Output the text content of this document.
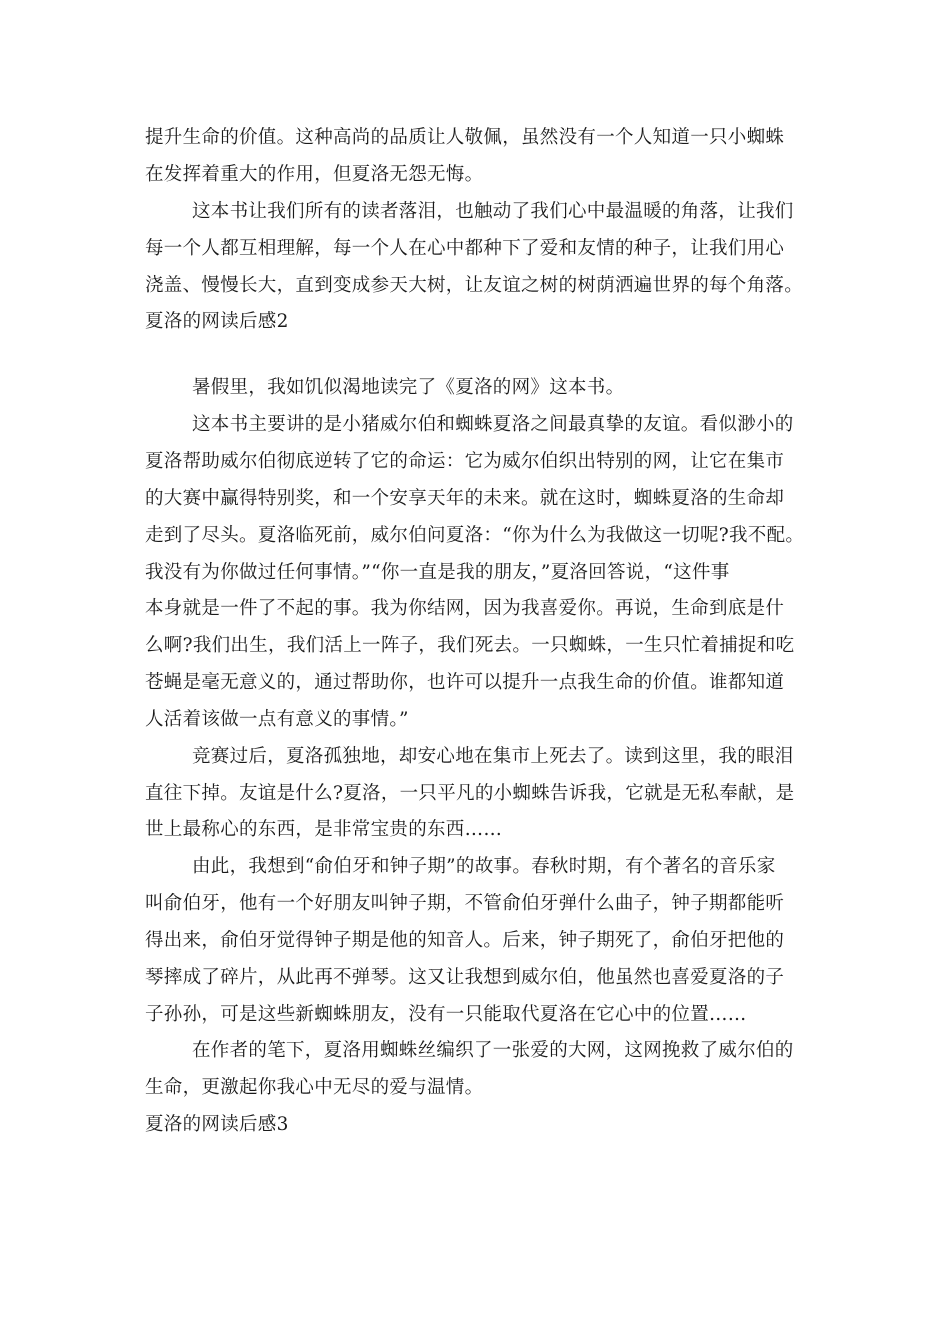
提升生命的价值。这种高尚的品质让人敬佩，虽然没有一个人知道一只小蜘蛛
在发挥着重大的作用，但夏洛无怨无悔。
这本书让我们所有的读者落泪，也触动了我们心中最温暖的角落，让我们
每一个人都互相理解，每一个人在心中都种下了爱和友情的种子，让我们用心
浇盖、慢慢长大，直到变成参天大树，让友谊之树的树荫洒遍世界的每个角落。
夏洛的网读后感2
暑假里，我如饥似渴地读完了《夏洛的网》这本书。
这本书主要讲的是小猪威尔伯和蜘蛛夏洛之间最真挚的友谊。看似渺小的
夏洛帮助威尔伯彻底逆转了它的命运：它为威尔伯织出特别的网，让它在集市
的大赛中赢得特别奖，和一个安享天年的未来。就在这时，蜘蛛夏洛的生命却
走到了尽头。夏洛临死前，威尔伯问夏洛：“你为什么为我做这一切呢?我不配。
我没有为你做过任何事情。”“你一直是我的朋友，”夏洛回答说，“这件事
本身就是一件了不起的事。我为你结网，因为我喜爱你。再说，生命到底是什
么啊?我们出生，我们活上一阵子，我们死去。一只蜘蛛，一生只忙着捕捉和吃
苍蝇是毫无意义的，通过帮助你，也许可以提升一点我生命的价值。谁都知道
人活着该做一点有意义的事情。”
竞赛过后，夏洛孤独地，却安心地在集市上死去了。读到这里，我的眼泪
直往下掉。友谊是什么?夏洛，一只平凡的小蜘蛛告诉我，它就是无私奉献，是
世上最称心的东西，是非常宝贵的东西……
由此，我想到“俞伯牙和钟子期”的故事。春秋时期，有个著名的音乐家
叫俞伯牙，他有一个好朋友叫钟子期，不管俞伯牙弹什么曲子，钟子期都能听
得出来，俞伯牙觉得钟子期是他的知音人。后来，钟子期死了，俞伯牙把他的
琴摔成了碎片，从此再不弹琴。这又让我想到威尔伯，他虽然也喜爱夏洛的子
子孙孙，可是这些新蜘蛛朋友，没有一只能取代夏洛在它心中的位置……
在作者的笔下，夏洛用蜘蛛丝编织了一张爱的大网，这网挽救了威尔伯的
生命，更激起你我心中无尽的爱与温情。
夏洛的网读后感3
